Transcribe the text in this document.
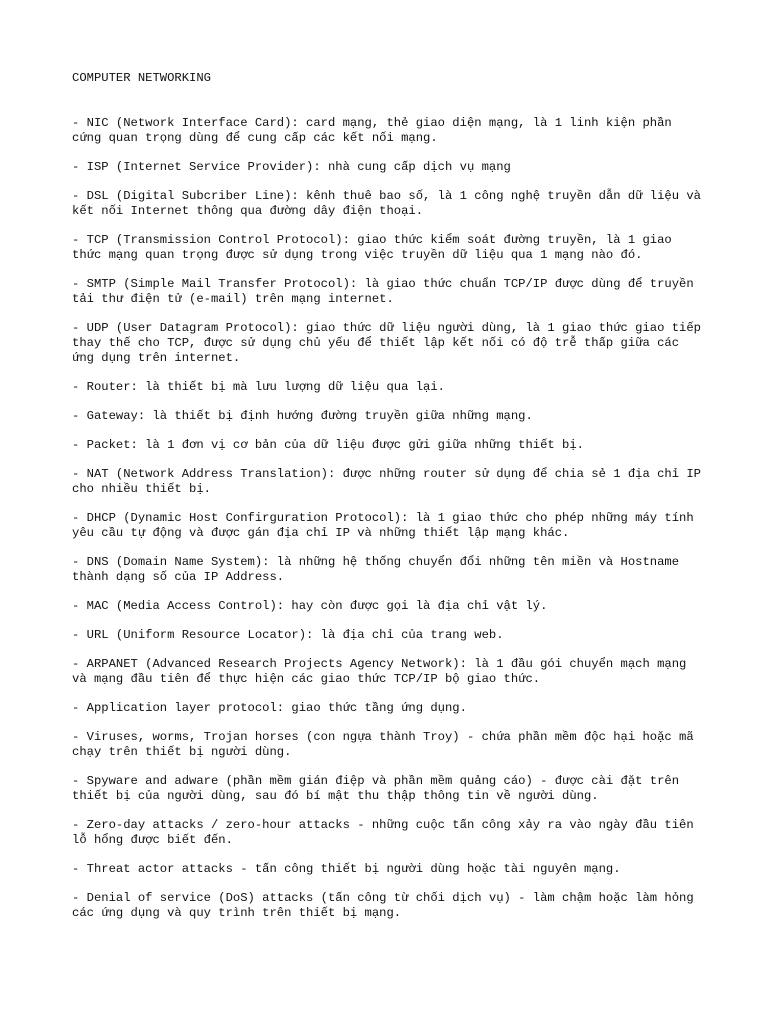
COMPUTER NETWORKING

- NIC (Network Interface Card): card mạng, thẻ giao diện mạng, là 1 linh kiện phần cứng quan trọng dùng để cung cấp các kết nối mạng.

- ISP (Internet Service Provider): nhà cung cấp dịch vụ mạng

- DSL (Digital Subcriber Line): kênh thuê bao số, là 1 công nghệ truyền dẫn dữ liệu và kết nối Internet thông qua đường dây điện thoại.

- TCP (Transmission Control Protocol): giao thức kiểm soát đường truyền, là 1 giao thức mạng quan trọng được sử dụng trong việc truyền dữ liệu qua 1 mạng nào đó.

- SMTP (Simple Mail Transfer Protocol): là giao thức chuẩn TCP/IP được dùng để truyền tải thư điện tử (e-mail) trên mạng internet.

- UDP (User Datagram Protocol): giao thức dữ liệu người dùng, là 1 giao thức giao tiếp thay thế cho TCP, được sử dụng chủ yếu để thiết lập kết nối có độ trễ thấp giữa các ứng dụng trên internet.

- Router: là thiết bị mà lưu lượng dữ liệu qua lại.

- Gateway: là thiết bị định hướng đường truyền giữa những mạng.

- Packet: là 1 đơn vị cơ bản của dữ liệu được gửi giữa những thiết bị.

- NAT (Network Address Translation): được những router sử dụng để chia sẻ 1 địa chỉ IP cho nhiều thiết bị.

- DHCP (Dynamic Host Confirguration Protocol): là 1 giao thức cho phép những máy tính yêu cầu tự động và được gán địa chỉ IP và những thiết lập mạng khác.

- DNS (Domain Name System): là những hệ thống chuyển đổi những tên miền và Hostname thành dạng số của IP Address.

- MAC (Media Access Control): hay còn được gọi là địa chỉ vật lý.

- URL (Uniform Resource Locator): là địa chỉ của trang web.

- ARPANET (Advanced Research Projects Agency Network): là 1 đầu gói chuyển mạch mạng và mạng đầu tiên để thực hiện các giao thức TCP/IP bộ giao thức.

- Application layer protocol: giao thức tầng ứng dụng.

- Viruses, worms, Trojan horses (con ngựa thành Troy) - chứa phần mềm độc hại hoặc mã chạy trên thiết bị người dùng.

- Spyware and adware (phần mềm gián điệp và phần mềm quảng cáo) - được cài đặt trên thiết bị của người dùng, sau đó bí mật thu thập thông tin về người dùng.

- Zero-day attacks / zero-hour attacks - những cuộc tấn công xảy ra vào ngày đầu tiên lỗ hổng được biết đến.

- Threat actor attacks - tấn công thiết bị người dùng hoặc tài nguyên mạng.

- Denial of service (DoS) attacks (tấn công từ chối dịch vụ) - làm chậm hoặc làm hỏng các ứng dụng và quy trình trên thiết bị mạng.
